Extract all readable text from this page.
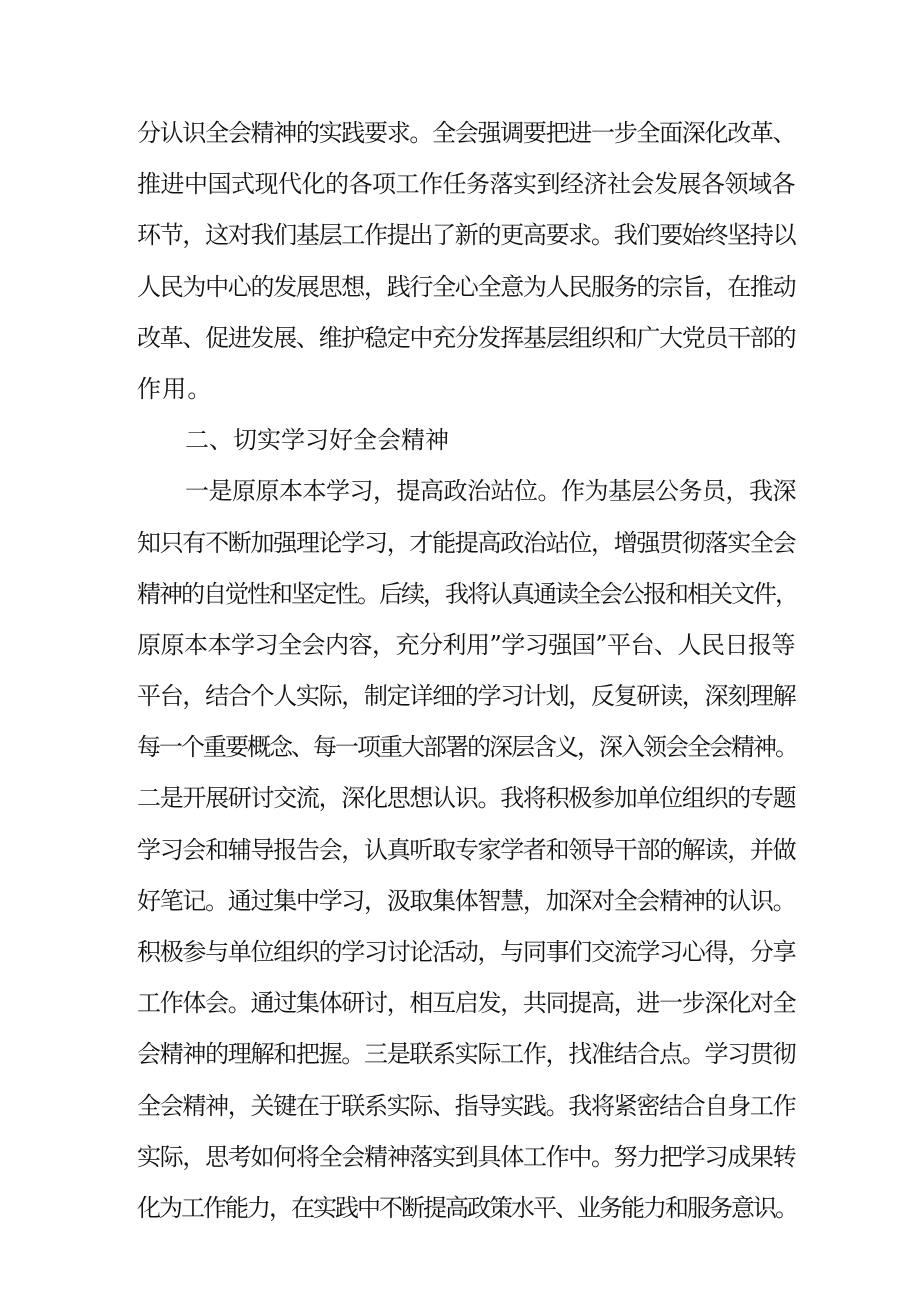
分认识全会精神的实践要求。全会强调要把进一步全面深化改革、
推进中国式现代化的各项工作任务落实到经济社会发展各领域各
环节，这对我们基层工作提出了新的更高要求。我们要始终坚持以
人民为中心的发展思想，践行全心全意为人民服务的宗旨，在推动
改革、促进发展、维护稳定中充分发挥基层组织和广大党员干部的
作用。
二、切实学习好全会精神
一是原原本本学习，提高政治站位。作为基层公务员，我深
知只有不断加强理论学习，才能提高政治站位，增强贯彻落实全会
精神的自觉性和坚定性。后续，我将认真通读全会公报和相关文件，
原原本本学习全会内容，充分利用”学习强国”平台、人民日报等
平台，结合个人实际，制定详细的学习计划，反复研读，深刻理解
每一个重要概念、每一项重大部署的深层含义，深入领会全会精神。
二是开展研讨交流，深化思想认识。我将积极参加单位组织的专题
学习会和辅导报告会，认真听取专家学者和领导干部的解读，并做
好笔记。通过集中学习，汲取集体智慧，加深对全会精神的认识。
积极参与单位组织的学习讨论活动，与同事们交流学习心得，分享
工作体会。通过集体研讨，相互启发，共同提高，进一步深化对全
会精神的理解和把握。三是联系实际工作，找准结合点。学习贯彻
全会精神，关键在于联系实际、指导实践。我将紧密结合自身工作
实际，思考如何将全会精神落实到具体工作中。努力把学习成果转
化为工作能力，在实践中不断提高政策水平、业务能力和服务意识。
